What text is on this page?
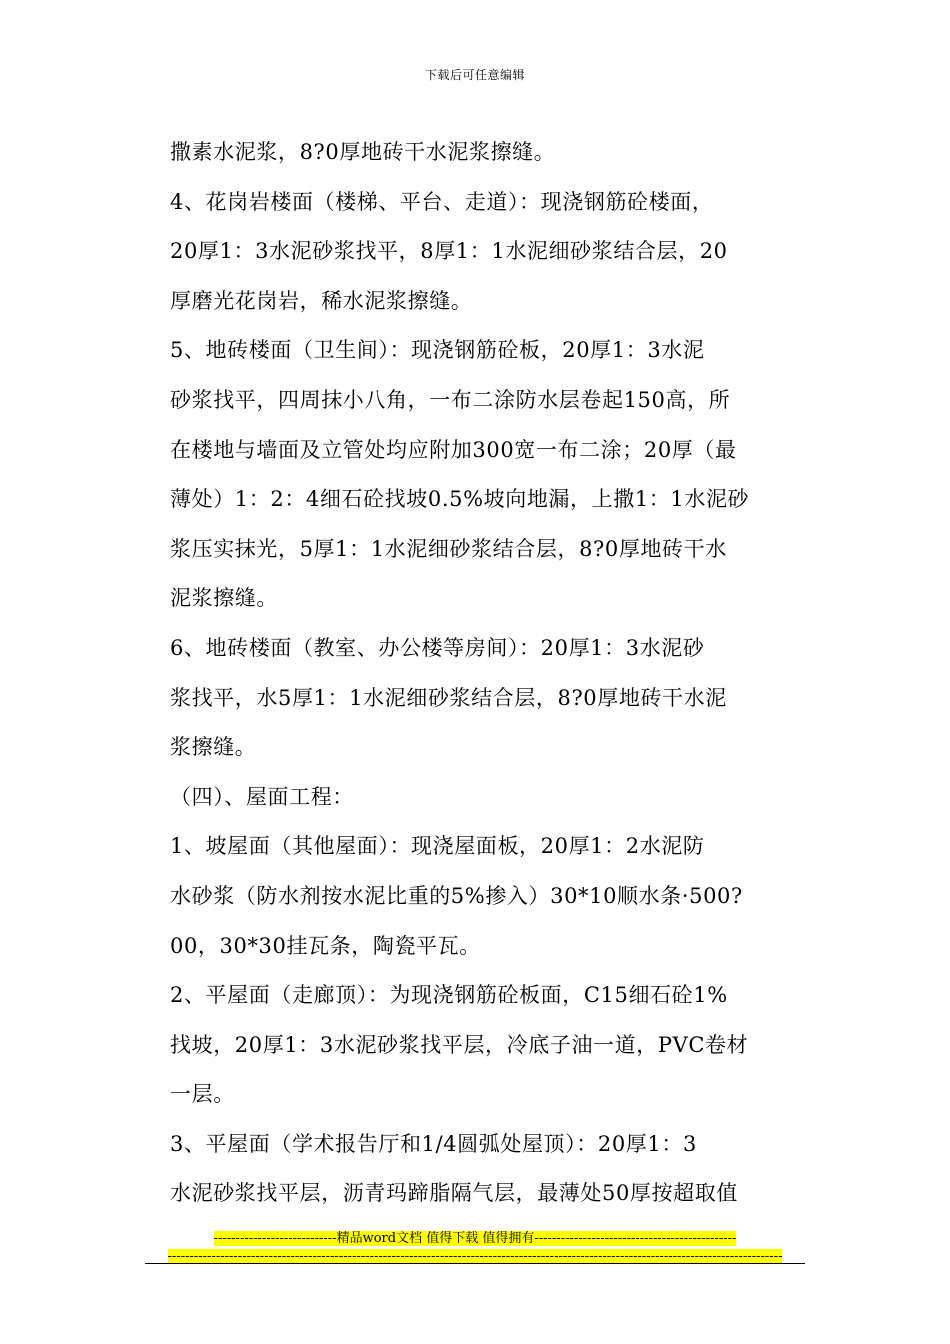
下载后可任意编辑
撒素水泥浆，8?0厚地砖干水泥浆擦缝。
4、花岗岩楼面（楼梯、平台、走道）：现浇钢筋砼楼面，
20厚1：3水泥砂浆找平，8厚1：1水泥细砂浆结合层，20
厚磨光花岗岩，稀水泥浆擦缝。
5、地砖楼面（卫生间）：现浇钢筋砼板，20厚1：3水泥
砂浆找平，四周抹小八角，一布二涂防水层卷起150高，所
在楼地与墙面及立管处均应附加300宽一布二涂；20厚（最
薄处）1：2：4细石砼找坡0.5%坡向地漏，上撒1：1水泥砂
浆压实抹光，5厚1：1水泥细砂浆结合层，8?0厚地砖干水
泥浆擦缝。
6、地砖楼面（教室、办公楼等房间）：20厚1：3水泥砂
浆找平，水5厚1：1水泥细砂浆结合层，8?0厚地砖干水泥
浆擦缝。
（四）、屋面工程：
1、坡屋面（其他屋面）：现浇屋面板，20厚1：2水泥防
水砂浆（防水剂按水泥比重的5%掺入）30*10顺水条·500?
00，30*30挂瓦条，陶瓷平瓦。
2、平屋面（走廊顶）：为现浇钢筋砼板面，C15细石砼1%
找坡，20厚1：3水泥砂浆找平层，冷底子油一道，PVC卷材
一层。
3、平屋面（学术报告厅和1/4圆弧处屋顶）：20厚1：3
水泥砂浆找平层，沥青玛蹄脂隔气层，最薄处50厚按超取值
----------------------------精品word文档 值得下载 值得拥有----------------------------------------------
--------------------------------------------------------------------------------------------------------------------------------------------
